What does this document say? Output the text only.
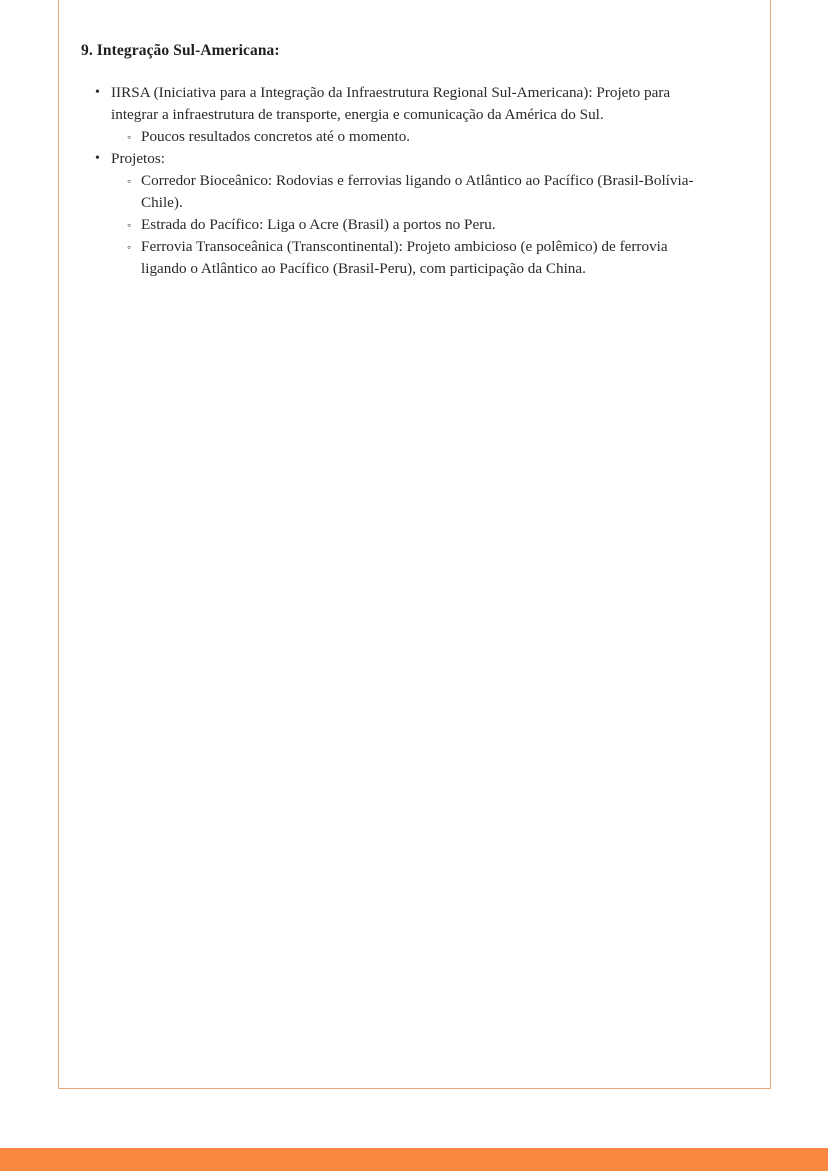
9. Integração Sul-Americana:
• IIRSA (Iniciativa para a Integração da Infraestrutura Regional Sul-Americana): Projeto para integrar a infraestrutura de transporte, energia e comunicação da América do Sul.
◦ Poucos resultados concretos até o momento.
• Projetos:
◦ Corredor Bioceânico: Rodovias e ferrovias ligando o Atlântico ao Pacífico (Brasil-Bolívia-Chile).
◦ Estrada do Pacífico: Liga o Acre (Brasil) a portos no Peru.
◦ Ferrovia Transoceânica (Transcontinental): Projeto ambicioso (e polêmico) de ferrovia ligando o Atlântico ao Pacífico (Brasil-Peru), com participação da China.
